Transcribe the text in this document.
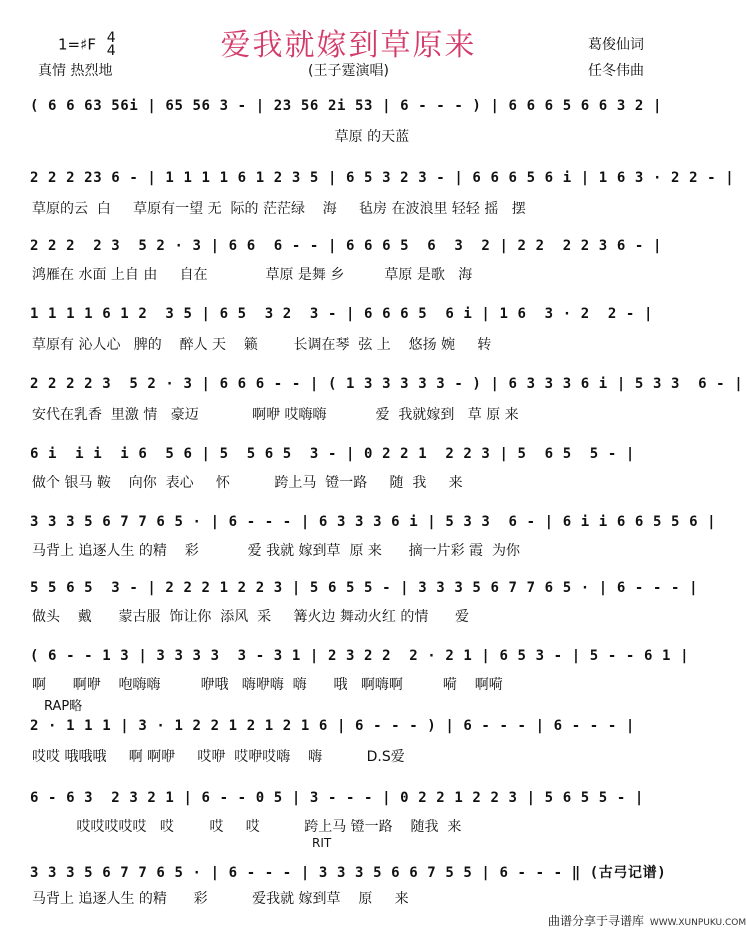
爱我就嫁到草原来
(王子霆演唱)
1=♯F 4
4
真情 热烈地
葛俊仙词
任冬伟曲
( 6 6 63 56i | 65 56 3 - | 23 56 2i 53 | 6 - - - ) | 6 6 6 5 6 6 3 2 |
草原 的天蓝
2 2 2 23 6 - | 1 1 1 1 6 1 2 3 5 | 6 5 3 2 3 - | 6 6 6 5 6 i | 1 6 3 · 2 2 - |
草原的云  白     草原有一望 无  际的 茫茫绿    海     毡房 在波浪里 轻轻 摇   摆
2 2 2  2 3  5 2 · 3 | 6 6  6 - - | 6 6 6 5  6  3  2 | 2 2  2 2 3 6 - |
鸿雁在 水面 上自 由     自在             草原 是舞 乡         草原 是歌   海
1 1 1 1 6 1 2  3 5 | 6 5  3 2  3 - | 6 6 6 5  6 i | 1 6  3 · 2  2 - |
草原有 沁人心   脾的    醉人 天    籁        长调在琴  弦 上    悠扬 婉     转
2 2 2 2 3  5 2 · 3 | 6 6 6 - - | ( 1 3 3 3 3 3 - ) | 6 3 3 3 6 i | 5 3 3  6 - |
安代在乳香  里激 情   豪迈            啊咿 哎嗨嗨           爱  我就嫁到   草 原 来
6 i  i i  i 6  5 6 | 5  5 6 5  3 - | 0 2 2 1  2 2 3 | 5  6 5  5 - |
做个 银马 鞍    向你  表心     怀          跨上马  镫一路     随  我     来
3 3 3 5 6 7 7 6 5 · | 6 - - - | 6 3 3 3 6 i | 5 3 3  6 - | 6 i i 6 6 5 5 6 |
马背上 追逐人生 的精    彩           爱 我就 嫁到草  原 来      摘一片彩 霞  为你
5 5 6 5  3 - | 2 2 2 1 2 2 3 | 5 6 5 5 - | 3 3 3 5 6 7 7 6 5 · | 6 - - - |
做头    戴      蒙古服  饰让你  添风  采     篝火边 舞动火红 的情      爱
( 6 - - 1 3 | 3 3 3 3  3 - 3 1 | 2 3 2 2  2 · 2 1 | 6 5 3 - | 5 - - 6 1 |
啊      啊咿    咆嗨嗨         咿哦   嗨咿嗨  嗨      哦   啊嗨啊         嗬    啊嗬
RAP略
2 · 1 1 1 | 3 · 1 2 2 1 2 1 2 1 6 | 6 - - - ) | 6 - - - | 6 - - - |
哎哎 哦哦哦     啊 啊咿     哎咿  哎咿哎嗨    嗨          D.S爱
6 - 6 3  2 3 2 1 | 6 - - 0 5 | 3 - - - | 0 2 2 1 2 2 3 | 5 6 5 5 - |
哎哎哎哎哎   哎        哎     哎          跨上马 镫一路    随我  来
RIT
3 3 3 5 6 7 7 6 5 · | 6 - - - | 3 3 3 5 6 6 7 5 5 | 6 - - - ‖ (古弓记谱)
马背上 追逐人生 的精      彩          爱我就 嫁到草    原     来
曲谱分享于寻谱库 WWW.XUNPUKU.COM
